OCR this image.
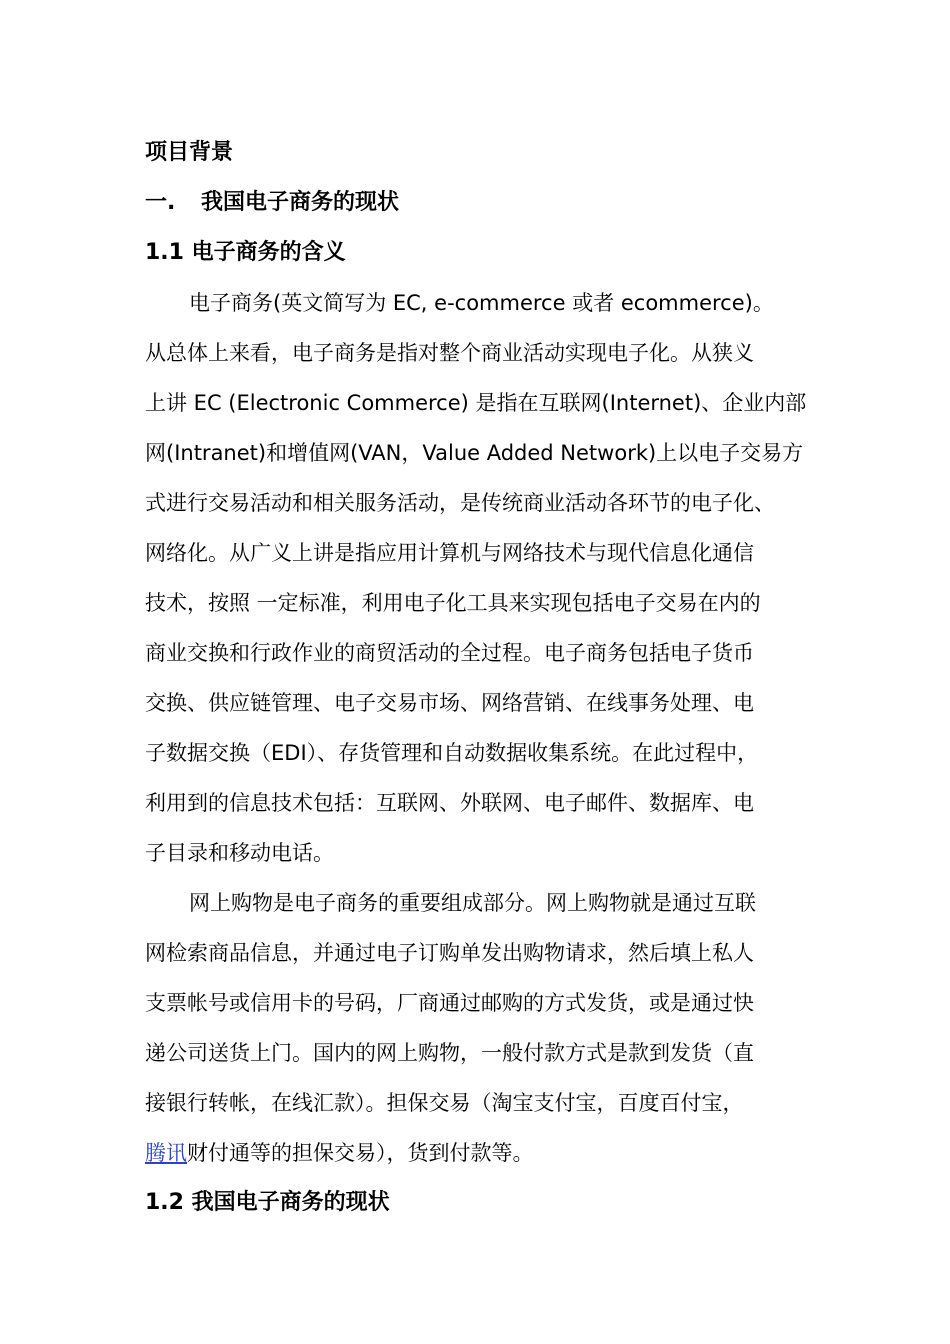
项目背景
一. 我国电子商务的现状
1.1 电子商务的含义
电子商务(英文简写为 EC, e-commerce 或者 ecommerce)。
从总体上来看，电子商务是指对整个商业活动实现电子化。从狭义
上讲 EC (Electronic Commerce) 是指在互联网(Internet)、企业内部
网(Intranet)和增值网(VAN，Value Added Network)上以电子交易方
式进行交易活动和相关服务活动，是传统商业活动各环节的电子化、
网络化。从广义上讲是指应用计算机与网络技术与现代信息化通信
技术，按照 一定标准，利用电子化工具来实现包括电子交易在内的
商业交换和行政作业的商贸活动的全过程。电子商务包括电子货币
交换、供应链管理、电子交易市场、网络营销、在线事务处理、电
子数据交换（EDI）、存货管理和自动数据收集系统。在此过程中，
利用到的信息技术包括：互联网、外联网、电子邮件、数据库、电
子目录和移动电话。
网上购物是电子商务的重要组成部分。网上购物就是通过互联
网检索商品信息，并通过电子订购单发出购物请求，然后填上私人
支票帐号或信用卡的号码，厂商通过邮购的方式发货，或是通过快
递公司送货上门。国内的网上购物，一般付款方式是款到发货（直
接银行转帐，在线汇款）。担保交易（淘宝支付宝，百度百付宝，
腾讯财付通等的担保交易），货到付款等。
1.2 我国电子商务的现状
